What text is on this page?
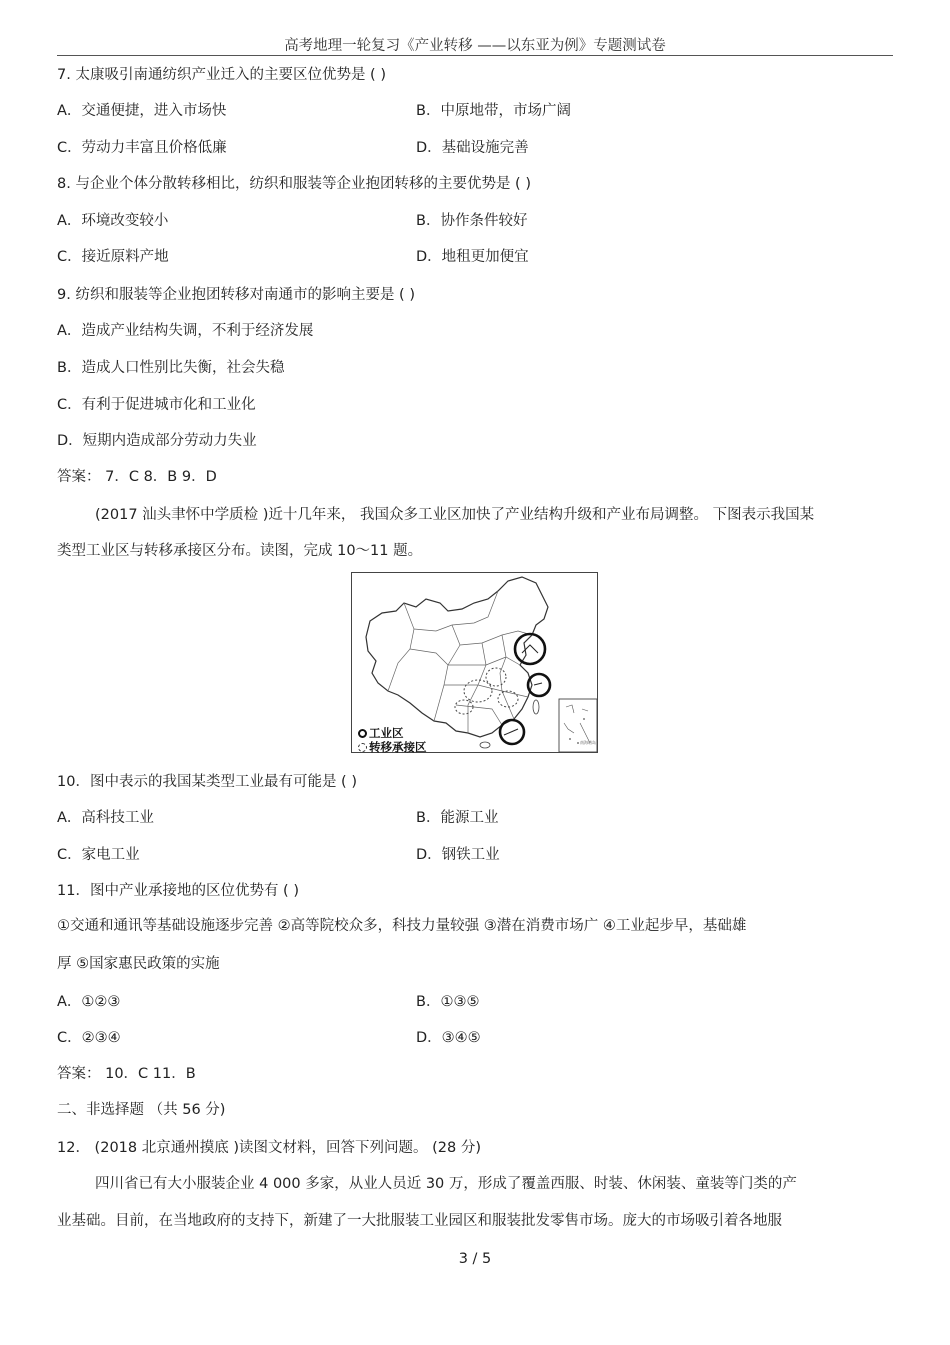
高考地理一轮复习《产业转移 ——以东亚为例》专题测试卷
7. 太康吸引南通纺织产业迁入的主要区位优势是 ( )
A．交通便捷，进入市场快	B．中原地带，市场广阔
C．劳动力丰富且价格低廉	D．基础设施完善
8. 与企业个体分散转移相比，纺织和服装等企业抱团转移的主要优势是 ( )
A．环境改变较小	B．协作条件较好
C．接近原料产地	D．地租更加便宜
9. 纺织和服装等企业抱团转移对南通市的影响主要是 ( )
A．造成产业结构失调，不利于经济发展
B．造成人口性别比失衡，社会失稳
C．有利于促进城市化和工业化
D．短期内造成部分劳动力失业
答案： 7．C 8．B 9．D
(2017 汕头聿怀中学质检 )近十几年来， 我国众多工业区加快了产业结构升级和产业布局调整。 下图表示我国某
类型工业区与转移承接区分布。读图，完成 10～11 题。
南海诸岛
工业区
转移承接区
10．图中表示的我国某类型工业最有可能是 ( )
A．高科技工业	B．能源工业
C．家电工业	D．钢铁工业
11．图中产业承接地的区位优势有 ( )
①交通和通讯等基础设施逐步完善 ②高等院校众多，科技力量较强 ③潜在消费市场广 ④工业起步早，基础雄
厚 ⑤国家惠民政策的实施
A．①②③	B．①③⑤
C．②③④	D．③④⑤
答案： 10．C 11．B
二、非选择题 （共 56 分)
12． (2018 北京通州摸底 )读图文材料，回答下列问题。 (28 分)
四川省已有大小服装企业 4 000 多家，从业人员近 30 万，形成了覆盖西服、时装、休闲装、童装等门类的产
业基础。目前，在当地政府的支持下，新建了一大批服装工业园区和服装批发零售市场。庞大的市场吸引着各地服
3 / 5
